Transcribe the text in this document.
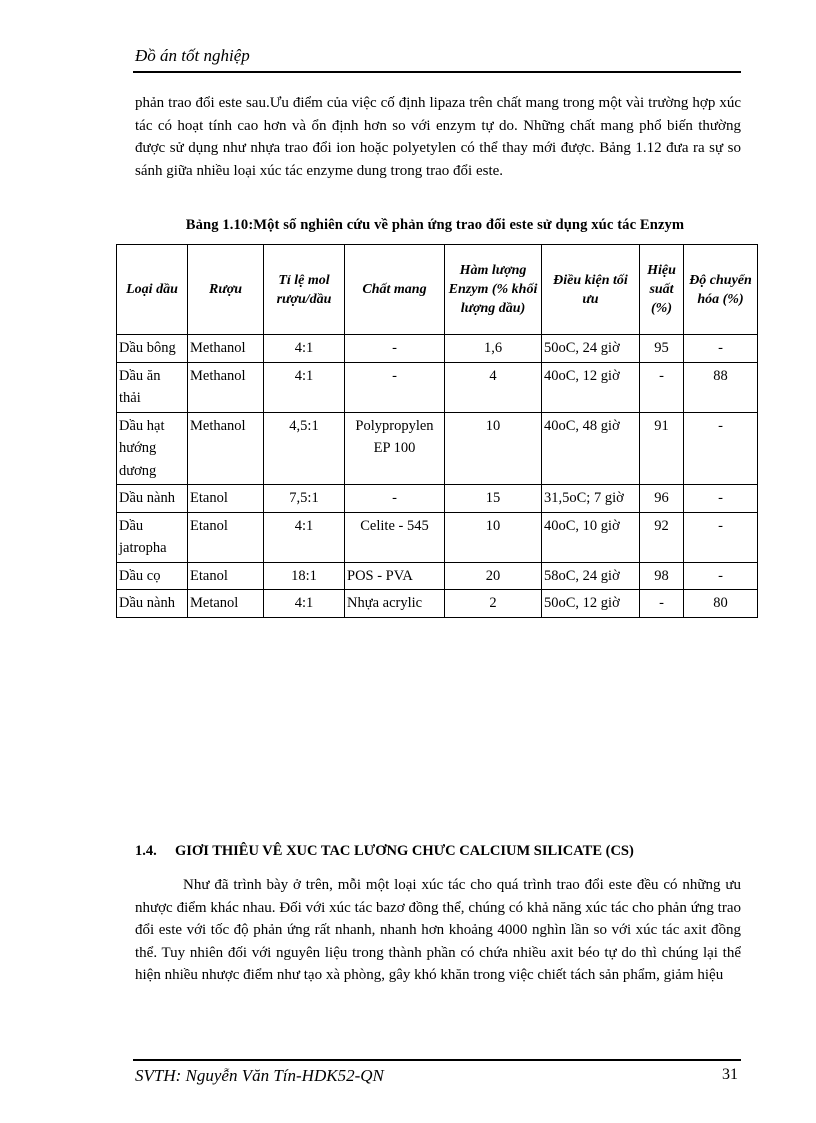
Đồ án tốt nghiệp
phản trao đổi este sau.Ưu điểm của việc cố định lipaza trên chất mang trong một vài trường hợp xúc tác có hoạt tính cao hơn và ổn định hơn so với enzym tự do. Những chất mang phổ biến thường được sử dụng như nhựa trao đổi ion hoặc polyetylen có thể thay mới được. Bảng 1.12 đưa ra sự so sánh giữa nhiều loại xúc tác enzyme dung trong trao đổi este.
Bảng 1.10:Một số nghiên cứu về phản ứng trao đổi este sử dụng xúc tác Enzym
Loại dầu	Rượu	Tỉ lệ mol rượu/dầu	Chất mang	Hàm lượng Enzym (% khối lượng dầu)	Điều kiện tối ưu	Hiệu suất (%)	Độ chuyển hóa (%)
Dầu bông	Methanol	4:1	-	1,6	50oC, 24 giờ	95	-
Dầu ăn thải	Methanol	4:1	-	4	40oC, 12 giờ	-	88
Dầu hạt hướng dương	Methanol	4,5:1	Polypropylen EP 100	10	40oC, 48 giờ	91	-
Dầu nành	Etanol	7,5:1	-	15	31,5oC; 7 giờ	96	-
Dầu jatropha	Etanol	4:1	Celite - 545	10	40oC, 10 giờ	92	-
Dầu cọ	Etanol	18:1	POS - PVA	20	58oC, 24 giờ	98	-
Dầu nành	Metanol	4:1	Nhựa acrylic	2	50oC, 12 giờ	-	80
1.4. GIƠI THIÊU VÊ XUC TAC LƯƠNG CHƯC CALCIUM SILICATE (CS)
Như đã trình bày ở trên, mỗi một loại xúc tác cho quá trình trao đổi este đều có những ưu nhược điểm khác nhau. Đối với xúc tác bazơ đồng thể, chúng có khả năng xúc tác cho phản ứng trao đổi este với tốc độ phản ứng rất nhanh, nhanh hơn khoảng 4000 nghìn lần so với xúc tác axit đồng thể. Tuy nhiên đối với nguyên liệu trong thành phần có chứa nhiều axit béo tự do thì chúng lại thể hiện nhiều nhược điểm như tạo xà phòng, gây khó khăn trong việc chiết tách sản phẩm, giảm hiệu
SVTH: Nguyễn Văn Tín-HDK52-QN	31
